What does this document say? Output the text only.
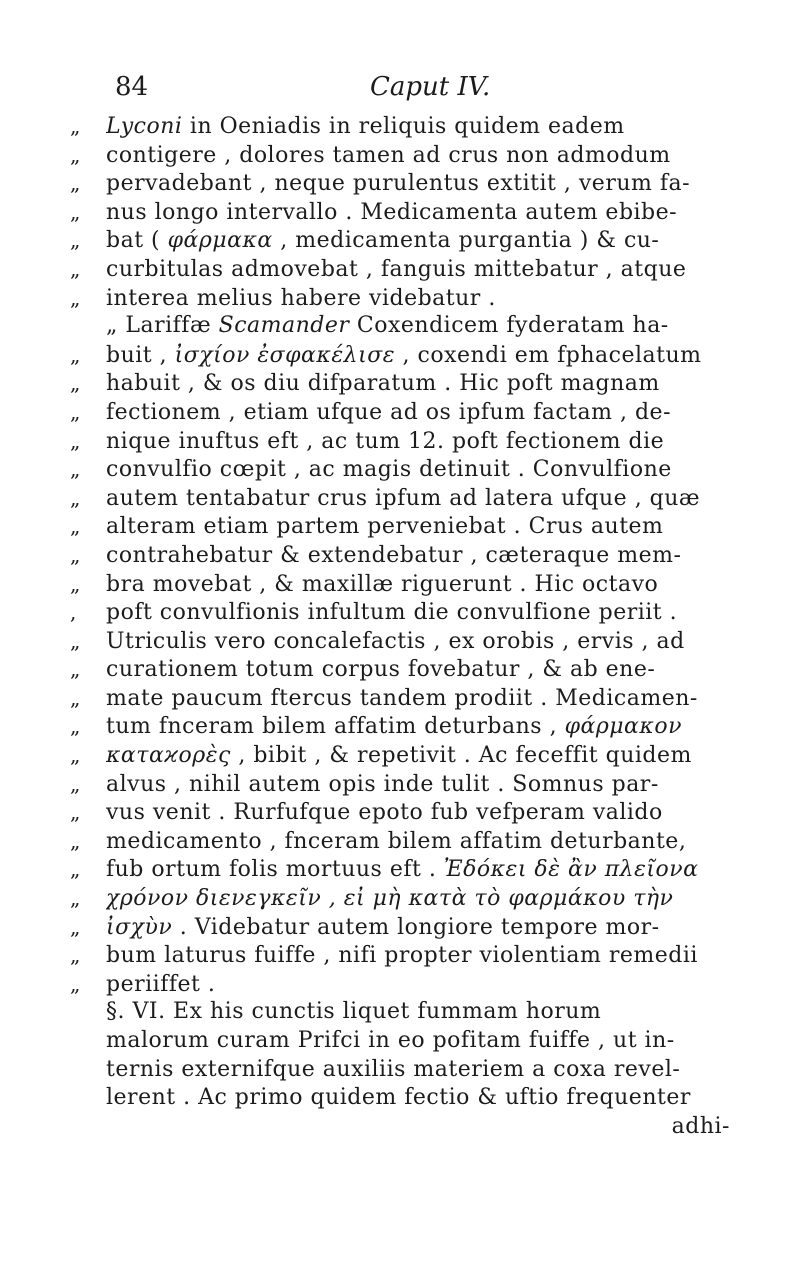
84	Caput IV.
„	Lyconi in Oeniadis in reliquis quidem eadem
„	contigere , dolores tamen ad crus non admodum
„	pervadebant , neque purulentus extitit , verum fa-
„	nus longo intervallo . Medicamenta autem ebibe-
„	bat ( φάρμακα , medicamenta purgantia ) & cu-
„	curbitulas admovebat , fanguis mittebatur , atque
„	interea melius habere videbatur .
„ Lariffæ Scamander Coxendicem fyderatam ha-
„	buit , ἰσχίον ἐσφακέλισε , coxendi em fphacelatum
„	habuit , & os diu difparatum . Hic poft magnam
„	fectionem , etiam ufque ad os ipfum factam , de-
„	nique inuftus eft , ac tum 12. poft fectionem die
„	convulfio cœpit , ac magis detinuit . Convulfione
„	autem tentabatur crus ipfum ad latera ufque , quæ
„	alteram etiam partem perveniebat . Crus autem
„	contrahebatur & extendebatur , cæteraque mem-
„	bra movebat , & maxillæ riguerunt . Hic octavo
,	poft convulfionis infultum die convulfione periit .
„	Utriculis vero concalefactis , ex orobis , ervis , ad
„	curationem totum corpus fovebatur , & ab ene-
„	mate paucum ftercus tandem prodiit . Medicamen-
„	tum fnceram bilem affatim deturbans , φάρμακον
„	καταϰορὲς , bibit , & repetivit . Ac feceffit quidem
„	alvus , nihil autem opis inde tulit . Somnus par-
„	vus venit . Rurfufque epoto fub vefperam valido
„	medicamento , fnceram bilem affatim deturbante,
„	fub ortum folis mortuus eft . Ἐδόκει δὲ ἂν πλεῖονα
„	χρόνον διενεγκεῖν , εἰ μὴ κατὰ τὸ φαρμάκου τὴν
„	ἰσχὺν . Videbatur autem longiore tempore mor-
„	bum laturus fuiffe , nifi propter violentiam remedii
„	periiffet .
§. VI. Ex his cunctis liquet fummam horum
malorum curam Prifci in eo pofitam fuiffe , ut in-
ternis externifque auxiliis materiem a coxa revel-
lerent . Ac primo quidem fectio & uftio frequenter
adhi-
